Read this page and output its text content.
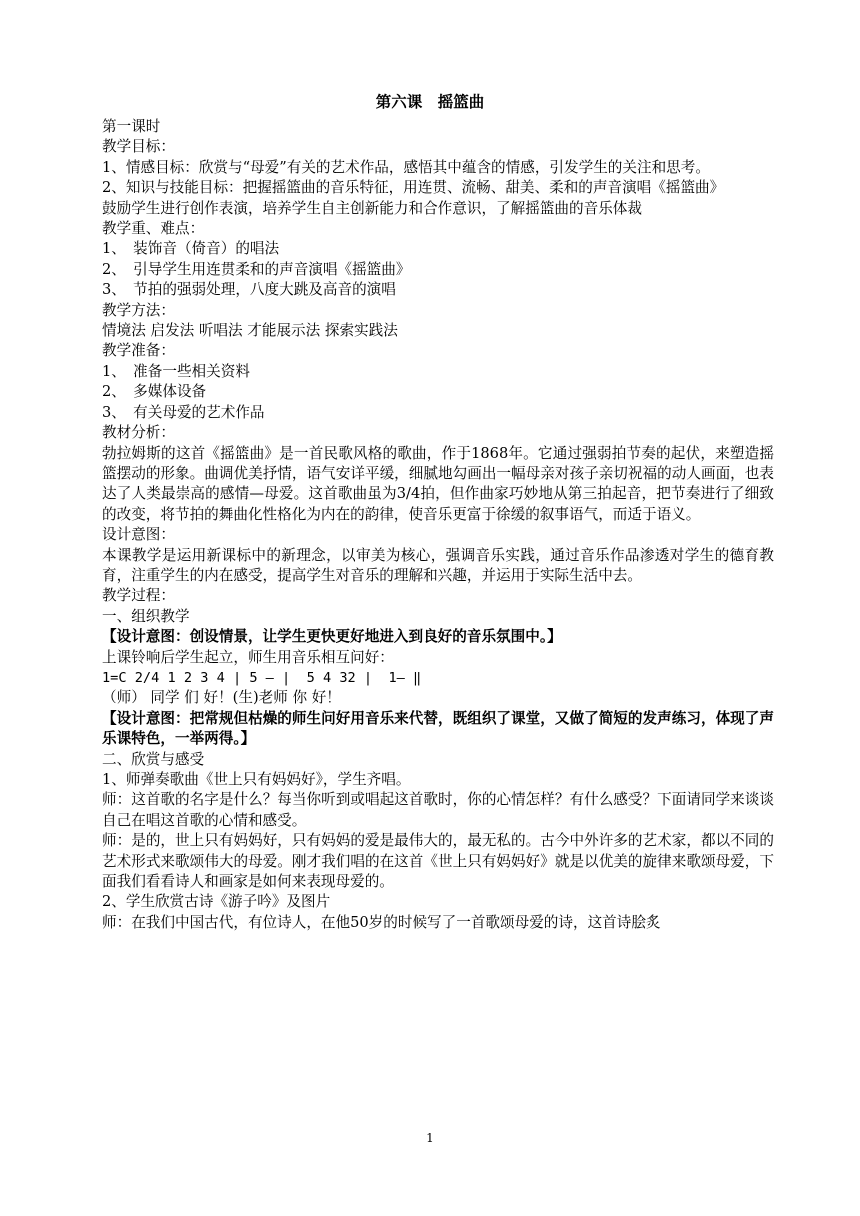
第六课　摇篮曲

第一课时

教学目标：

1、情感目标：欣赏与“母爱”有关的艺术作品，感悟其中蕴含的情感，引发学生的关注和思考。

2、知识与技能目标：把握摇篮曲的音乐特征，用连贯、流畅、甜美、柔和的声音演唱《摇篮曲》

鼓励学生进行创作表演，培养学生自主创新能力和合作意识，了解摇篮曲的音乐体裁

教学重、难点：

1、　装饰音（倚音）的唱法

2、　引导学生用连贯柔和的声音演唱《摇篮曲》

3、　节拍的强弱处理，八度大跳及高音的演唱

教学方法：

情境法 启发法 听唱法 才能展示法 探索实践法

教学准备：

1、　准备一些相关资料

2、　多媒体设备

3、　有关母爱的艺术作品

教材分析：

勃拉姆斯的这首《摇篮曲》是一首民歌风格的歌曲，作于1868年。它通过强弱拍节奏的起伏，来塑造摇篮摆动的形象。曲调优美抒情，语气安详平缓，细腻地勾画出一幅母亲对孩子亲切祝福的动人画面，也表达了人类最崇高的感情—母爱。这首歌曲虽为3/4拍，但作曲家巧妙地从第三拍起音，把节奏进行了细致的改变，将节拍的舞曲化性格化为内在的韵律，使音乐更富于徐缓的叙事语气，而适于语义。

设计意图：

本课教学是运用新课标中的新理念，以审美为核心，强调音乐实践，通过音乐作品渗透对学生的德育教育，注重学生的内在感受，提高学生对音乐的理解和兴趣，并运用于实际生活中去。

教学过程：

一、组织教学

【设计意图：创设情景，让学生更快更好地进入到良好的音乐氛围中。】

上课铃响后学生起立，师生用音乐相互问好：

1=C 2/4 1 2 3 4 | 5 — |  5 4 32 |  1— ‖

（师） 同学 们 好！(生)老师 你 好！

【设计意图：把常规但枯燥的师生问好用音乐来代替，既组织了课堂，又做了简短的发声练习，体现了声乐课特色，一举两得。】

二、欣赏与感受

1、师弹奏歌曲《世上只有妈妈好》，学生齐唱。

师：这首歌的名字是什么？每当你听到或唱起这首歌时，你的心情怎样？有什么感受？下面请同学来谈谈自己在唱这首歌的心情和感受。

师：是的，世上只有妈妈好，只有妈妈的爱是最伟大的，最无私的。古今中外许多的艺术家，都以不同的艺术形式来歌颂伟大的母爱。刚才我们唱的在这首《世上只有妈妈好》就是以优美的旋律来歌颂母爱，下面我们看看诗人和画家是如何来表现母爱的。

2、学生欣赏古诗《游子吟》及图片

师：在我们中国古代，有位诗人，在他50岁的时候写了一首歌颂母爱的诗，这首诗脍炙

1
